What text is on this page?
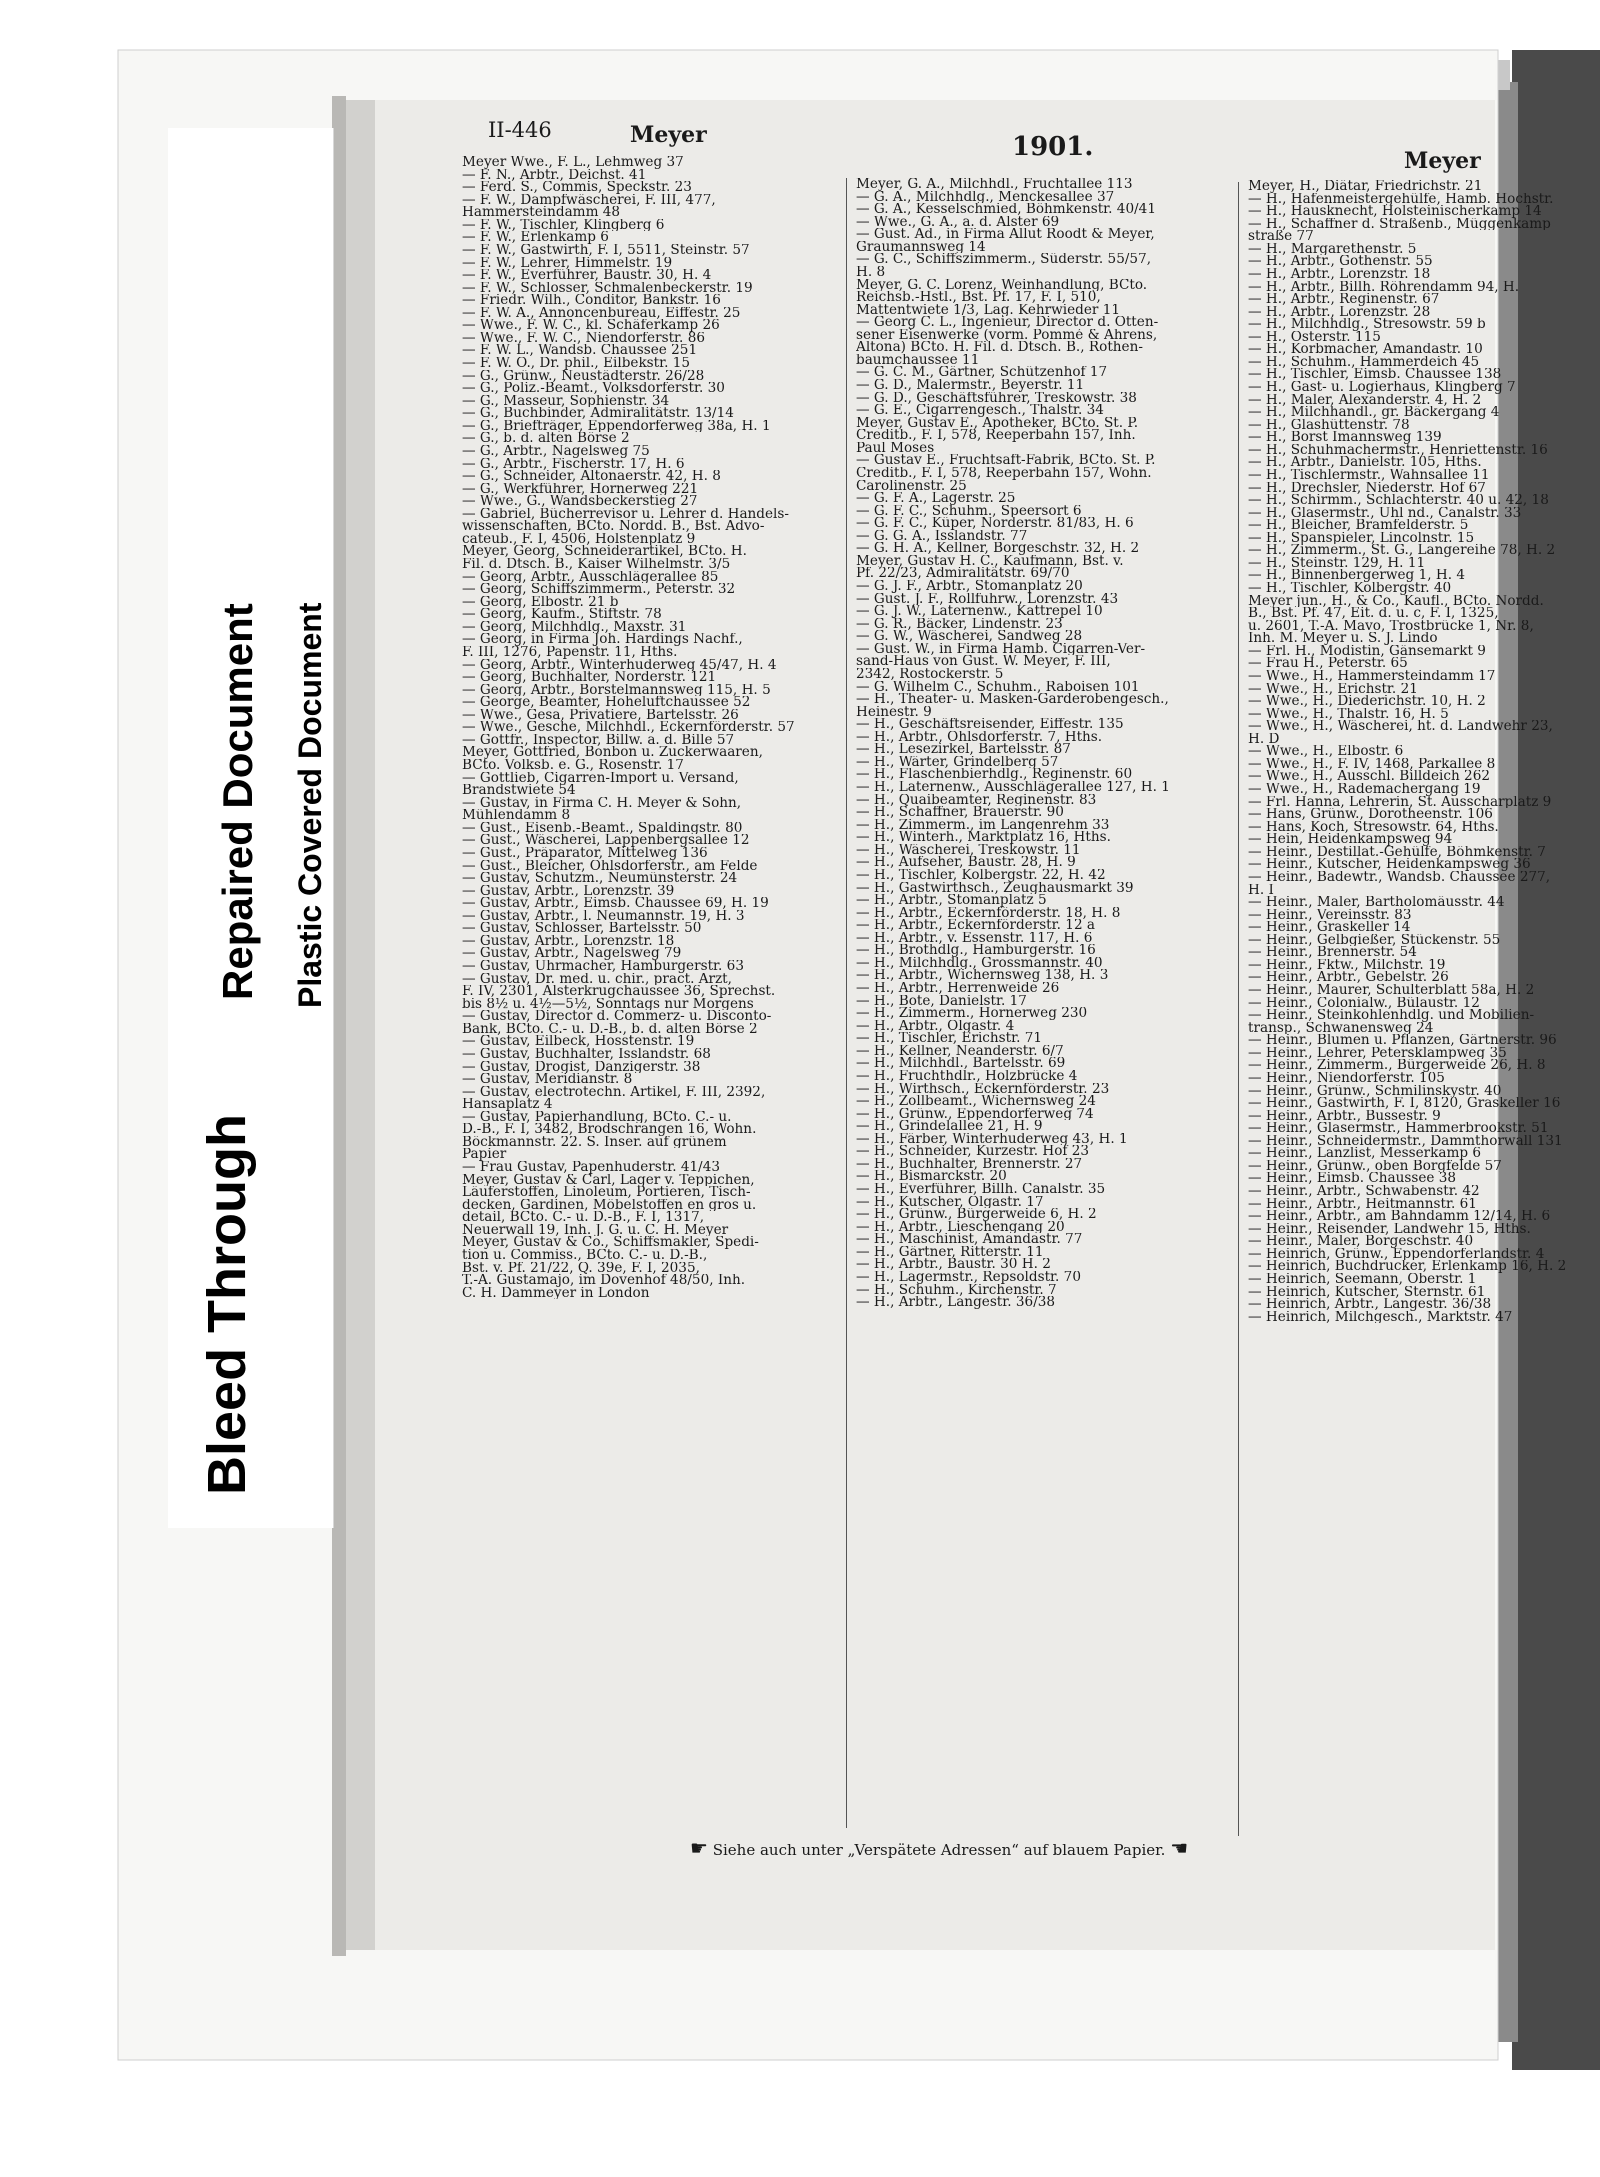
Bleed Through
Repaired Document Plastic Covered Document
II-446	Meyer	1901.	Meyer
Meyer Wwe., F. L., Lehmweg 37
— F. N., Arbtr., Deichst. 41
— Ferd. S., Commis, Speckstr. 23
— F. W., Dampfwäscherei, F. III, 477,
Hammersteindamm 48
— F. W., Tischler, Klingberg 6
— F. W., Erlenkamp 6
— F. W., Gastwirth, F. I, 5511, Steinstr. 57
— F. W., Lehrer, Himmelstr. 19
— F. W., Everführer, Baustr. 30, H. 4
— F. W., Schlosser, Schmalenbeckerstr. 19
— Friedr. Wilh., Conditor, Bankstr. 16
— F. W. A., Annoncenbureau, Eiffestr. 25
— Wwe., F. W. C., kl. Schäferkamp 26
— Wwe., F. W. C., Niendorferstr. 86
— F. W. L., Wandsb. Chaussee 251
— F. W. O., Dr. phil., Eilbekstr. 15
— G., Grünw., Neustädterstr. 26/28
— G., Poliz.-Beamt., Volksdorferstr. 30
— G., Masseur, Sophienstr. 34
— G., Buchbinder, Admiralitätstr. 13/14
— G., Briefträger, Eppendorferweg 38a, H. 1
— G., b. d. alten Börse 2
— G., Arbtr., Nagelsweg 75
— G., Arbtr., Fischerstr. 17, H. 6
— G., Schneider, Altonaerstr. 42, H. 8
— G., Werkführer, Hornerweg 221
— Wwe., G., Wandsbeckerstieg 27
— Gabriel, Bücherrevisor u. Lehrer d. Handels-
wissenschaften, BCto. Nordd. B., Bst. Advo-
cateub., F. I, 4506, Holstenplatz 9
Meyer, Georg, Schneiderartikel, BCto. H.
Fil. d. Dtsch. B., Kaiser Wilhelmstr. 3/5
— Georg, Arbtr., Ausschlägerallee 85
— Georg, Schiffszimmerm., Peterstr. 32
— Georg, Elbostr. 21 b
— Georg, Kaufm., Stiftstr. 78
— Georg, Milchhdlg., Maxstr. 31
— Georg, in Firma Joh. Hardings Nachf.,
F. III, 1276, Papenstr. 11, Hths.
— Georg, Arbtr., Winterhuderweg 45/47, H. 4
— Georg, Buchhalter, Norderstr. 121
— Georg, Arbtr., Borstelmannsweg 115, H. 5
— George, Beamter, Hoheluftchaussee 52
— Wwe., Gesa, Privatiere, Bartelsstr. 26
— Wwe., Gesche, Milchhdl., Eckernförderstr. 57
— Gottfr., Inspector, Billw. a. d. Bille 57
Meyer, Gottfried, Bonbon u. Zuckerwaaren,
BCto. Volksb. e. G., Rosenstr. 17
— Gottlieb, Cigarren-Import u. Versand,
Brandstwiete 54
— Gustav, in Firma C. H. Meyer & Sohn,
Mühlendamm 8
— Gust., Eisenb.-Beamt., Spaldingstr. 80
— Gust., Wäscherei, Lappenbergsallee 12
— Gust., Präparator, Mittelweg 136
— Gust., Bleicher, Ohlsdorferstr., am Felde
— Gustav, Schutzm., Neumünsterstr. 24
— Gustav, Arbtr., Lorenzstr. 39
— Gustav, Arbtr., Eimsb. Chaussee 69, H. 19
— Gustav, Arbtr., l. Neumannstr. 19, H. 3
— Gustav, Schlosser, Bartelsstr. 50
— Gustav, Arbtr., Lorenzstr. 18
— Gustav, Arbtr., Nagelsweg 79
— Gustav, Uhrmacher, Hamburgerstr. 63
— Gustav, Dr. med. u. chir., pract. Arzt,
F. IV, 2301, Alsterkrugchaussee 36, Sprechst.
bis 8½ u. 4½—5½, Sonntags nur Morgens
— Gustav, Director d. Commerz- u. Disconto-
Bank, BCto. C.- u. D.-B., b. d. alten Börse 2
— Gustav, Eilbeck, Hosstenstr. 19
— Gustav, Buchhalter, Isslandstr. 68
— Gustav, Drogist, Danzigerstr. 38
— Gustav, Meridianstr. 8
— Gustav, electrotechn. Artikel, F. III, 2392,
Hansaplatz 4
— Gustav, Papierhandlung, BCto. C.- u.
D.-B., F. I, 3482, Brodschrangen 16, Wohn.
Böckmannstr. 22. S. Inser. auf grünem
Papier
— Frau Gustav, Papenhuderstr. 41/43
Meyer, Gustav & Carl, Lager v. Teppichen,
Läuferstoffen, Linoleum, Portieren, Tisch-
decken, Gardinen, Möbelstoffen en gros u.
detail, BCto. C.- u. D.-B., F. I, 1317,
Neuerwall 19, Inh. J. G. u. C. H. Meyer
Meyer, Gustav & Co., Schiffsmakler, Spedi-
tion u. Commiss., BCto. C.- u. D.-B.,
Bst. v. Pf. 21/22, Q. 39e, F. I, 2035,
T.-A. Gustamajo, im Dovenhof 48/50, Inh.
C. H. Dammeyer in London
Meyer, G. A., Milchhdl., Fruchtallee 113
— G. A., Milchhdlg., Menckesallee 37
— G. A., Kesselschmied, Böhmkenstr. 40/41
— Wwe., G. A., a. d. Alster 69
— Gust. Ad., in Firma Allut Roodt & Meyer,
Graumannsweg 14
— G. C., Schiffszimmerm., Süderstr. 55/57,
H. 8
Meyer, G. C. Lorenz, Weinhandlung, BCto.
Reichsb.-Hstl., Bst. Pf. 17, F. I, 510,
Mattentwiete 1/3, Lag. Kehrwieder 11
— Georg C. L., Ingenieur, Director d. Otten-
sener Eisenwerke (vorm. Pommé & Ahrens,
Altona) BCto. H. Fil. d. Dtsch. B., Rothen-
baumchaussee 11
— G. C. M., Gärtner, Schützenhof 17
— G. D., Malermstr., Beyerstr. 11
— G. D., Geschäftsführer, Treskowstr. 38
— G. E., Cigarrengesch., Thalstr. 34
Meyer, Gustav E., Apotheker, BCto. St. P.
Creditb., F. I, 578, Reeperbahn 157, Inh.
Paul Moses
— Gustav E., Fruchtsaft-Fabrik, BCto. St. P.
Creditb., F. I, 578, Reeperbahn 157, Wohn.
Carolinenstr. 25
— G. F. A., Lagerstr. 25
— G. F. C., Schuhm., Speersort 6
— G. F. C., Küper, Norderstr. 81/83, H. 6
— G. G. A., Isslandstr. 77
— G. H. A., Kellner, Borgeschstr. 32, H. 2
Meyer, Gustav H. C., Kaufmann, Bst. v.
Pf. 22/23, Admiralitätstr. 69/70
— G. J. F., Arbtr., Stomanplatz 20
— Gust. J. F., Rollfuhrw., Lorenzstr. 43
— G. J. W., Laternenw., Kattrepel 10
— G. R., Bäcker, Lindenstr. 23
— G. W., Wäscherei, Sandweg 28
— Gust. W., in Firma Hamb. Cigarren-Ver-
sand-Haus von Gust. W. Meyer, F. III,
2342, Rostockerstr. 5
— G. Wilhelm C., Schuhm., Raboisen 101
— H., Theater- u. Masken-Garderobengesch.,
Heinestr. 9
— H., Geschäftsreisender, Eiffestr. 135
— H., Arbtr., Ohlsdorferstr. 7, Hths.
— H., Lesezirkel, Bartelsstr. 87
— H., Wärter, Grindelberg 57
— H., Flaschenbierhdlg., Reginenstr. 60
— H., Laternenw., Ausschlägerallee 127, H. 1
— H., Quaibeamter, Reginenstr. 83
— H., Schaffner, Brauerstr. 90
— H., Zimmerm., im Langenrehm 33
— H., Winterh., Marktplatz 16, Hths.
— H., Wäscherei, Treskowstr. 11
— H., Aufseher, Baustr. 28, H. 9
— H., Tischler, Kolbergstr. 22, H. 42
— H., Gastwirthsch., Zeughausmarkt 39
— H., Arbtr., Stomanplatz 5
— H., Arbtr., Eckernförderstr. 18, H. 8
— H., Arbtr., Eckernförderstr. 12 a
— H., Arbtr., v. Essenstr. 117, H. 6
— H., Brothdlg., Hamburgerstr. 16
— H., Milchhdlg., Grossmannstr. 40
— H., Arbtr., Wichernsweg 138, H. 3
— H., Arbtr., Herrenweide 26
— H., Bote, Danielstr. 17
— H., Zimmerm., Hornerweg 230
— H., Arbtr., Olgastr. 4
— H., Tischler, Erichstr. 71
— H., Kellner, Neanderstr. 6/7
— H., Milchhdl., Bartelsstr. 69
— H., Fruchthdlr., Holzbrücke 4
— H., Wirthsch., Eckernförderstr. 23
— H., Zollbeamt., Wichernsweg 24
— H., Grünw., Eppendorferweg 74
— H., Grindelallee 21, H. 9
— H., Färber, Winterhuderweg 43, H. 1
— H., Schneider, Kurzestr. Hof 23
— H., Buchhalter, Brennerstr. 27
— H., Bismarckstr. 20
— H., Everführer, Billh. Canalstr. 35
— H., Kutscher, Olgastr. 17
— H., Grünw., Bürgerweide 6, H. 2
— H., Arbtr., Lieschengang 20
— H., Maschinist, Amandastr. 77
— H., Gärtner, Ritterstr. 11
— H., Arbtr., Baustr. 30 H. 2
— H., Lagermstr., Repsoldstr. 70
— H., Schuhm., Kirchenstr. 7
— H., Arbtr., Langestr. 36/38
Meyer, H., Diätar, Friedrichstr. 21
— H., Hafenmeistergehülfe, Hamb. Hochstr.
— H., Hausknecht, Holsteinischerkamp 14
— H., Schaffner d. Straßenb., Müggenkamp
straße 77
— H., Margarethenstr. 5
— H., Arbtr., Gothenstr. 55
— H., Arbtr., Lorenzstr. 18
— H., Arbtr., Billh. Röhrendamm 94, H.
— H., Arbtr., Reginenstr. 67
— H., Arbtr., Lorenzstr. 28
— H., Milchhdlg., Stresowstr. 59 b
— H., Osterstr. 115
— H., Korbmacher, Amandastr. 10
— H., Schuhm., Hammerdeich 45
— H., Tischler, Eimsb. Chaussee 138
— H., Gast- u. Logierhaus, Klingberg 7
— H., Maler, Alexanderstr. 4, H. 2
— H., Milchhandl., gr. Bäckergang 4
— H., Glashüttenstr. 78
— H., Borst Imannsweg 139
— H., Schuhmachermstr., Henriettenstr. 16
— H., Arbtr., Danielstr. 105, Hths.
— H., Tischlermstr., Wahnsallee 11
— H., Drechsler, Niederstr. Hof 67
— H., Schirmm., Schlachterstr. 40 u. 42, 18
— H., Glasermstr., Uhl nd., Canalstr. 33
— H., Bleicher, Bramfelderstr. 5
— H., Spanspieler, Lincolnstr. 15
— H., Zimmerm., St. G., Langereihe 78, H. 2
— H., Steinstr. 129, H. 11
— H., Binnenbergerweg 1, H. 4
— H., Tischler, Kolbergstr. 40
Meyer jun., H., & Co., Kaufl., BCto. Nordd.
B., Bst. Pf. 47, Eit. d. u. c, F. I, 1325,
u. 2601, T.-A. Mavo, Trostbrücke 1, Nr. 8,
Inh. M. Meyer u. S. J. Lindo
— Frl. H., Modistin, Gänsemarkt 9
— Frau H., Peterstr. 65
— Wwe., H., Hammersteindamm 17
— Wwe., H., Erichstr. 21
— Wwe., H., Diederichstr. 10, H. 2
— Wwe., H., Thalstr. 16, H. 5
— Wwe., H., Wäscherei, ht. d. Landwehr 23,
H. D
— Wwe., H., Elbostr. 6
— Wwe., H., F. IV, 1468, Parkallee 8
— Wwe., H., Ausschl. Billdeich 262
— Wwe., H., Rademachergang 19
— Frl. Hanna, Lehrerin, St. Ausscharplatz 9
— Hans, Grünw., Dorotheenstr. 106
— Hans, Koch, Stresowstr. 64, Hths.
— Hein, Heidenkampsweg 94
— Heinr., Destillat.-Gehülfe, Böhmkenstr. 7
— Heinr., Kutscher, Heidenkampsweg 36
— Heinr., Badewtr., Wandsb. Chaussee 277,
H. I
— Heinr., Maler, Bartholomäusstr. 44
— Heinr., Vereinsstr. 83
— Heinr., Graskeller 14
— Heinr., Gelbgießer, Stückenstr. 55
— Heinr., Brennerstr. 54
— Heinr., Fktw., Milchstr. 19
— Heinr., Arbtr., Gebelstr. 26
— Heinr., Maurer, Schulterblatt 58a, H. 2
— Heinr., Colonialw., Bülaustr. 12
— Heinr., Steinkohlenhdlg. und Mobilien-
transp., Schwanensweg 24
— Heinr., Blumen u. Pflanzen, Gärtnerstr. 96
— Heinr., Lehrer, Petersklampweg 35
— Heinr., Zimmerm., Bürgerweide 26, H. 8
— Heinr., Niendorferstr. 105
— Heinr., Grünw., Schmilinskystr. 40
— Heinr., Gastwirth, F. I, 8120, Graskeller 16
— Heinr., Arbtr., Bussestr. 9
— Heinr., Glasermstr., Hammerbrookstr. 51
— Heinr., Schneidermstr., Dammthorwall 131
— Heinr., Lanzlist, Messerkamp 6
— Heinr., Grünw., oben Borgfelde 57
— Heinr., Eimsb. Chaussee 38
— Heinr., Arbtr., Schwabenstr. 42
— Heinr., Arbtr., Heitmannstr. 61
— Heinr., Arbtr., am Bahndamm 12/14, H. 6
— Heinr., Reisender, Landwehr 15, Hths.
— Heinr., Maler, Borgeschstr. 40
— Heinrich, Grünw., Eppendorferlandstr. 4
— Heinrich, Buchdrucker, Erlenkamp 16, H. 2
— Heinrich, Seemann, Oberstr. 1
— Heinrich, Kutscher, Sternstr. 61
— Heinrich, Arbtr., Langestr. 36/38
— Heinrich, Milchgesch., Marktstr. 47
☛ Siehe auch unter „Verspätete Adressen“ auf blauem Papier. ☚
